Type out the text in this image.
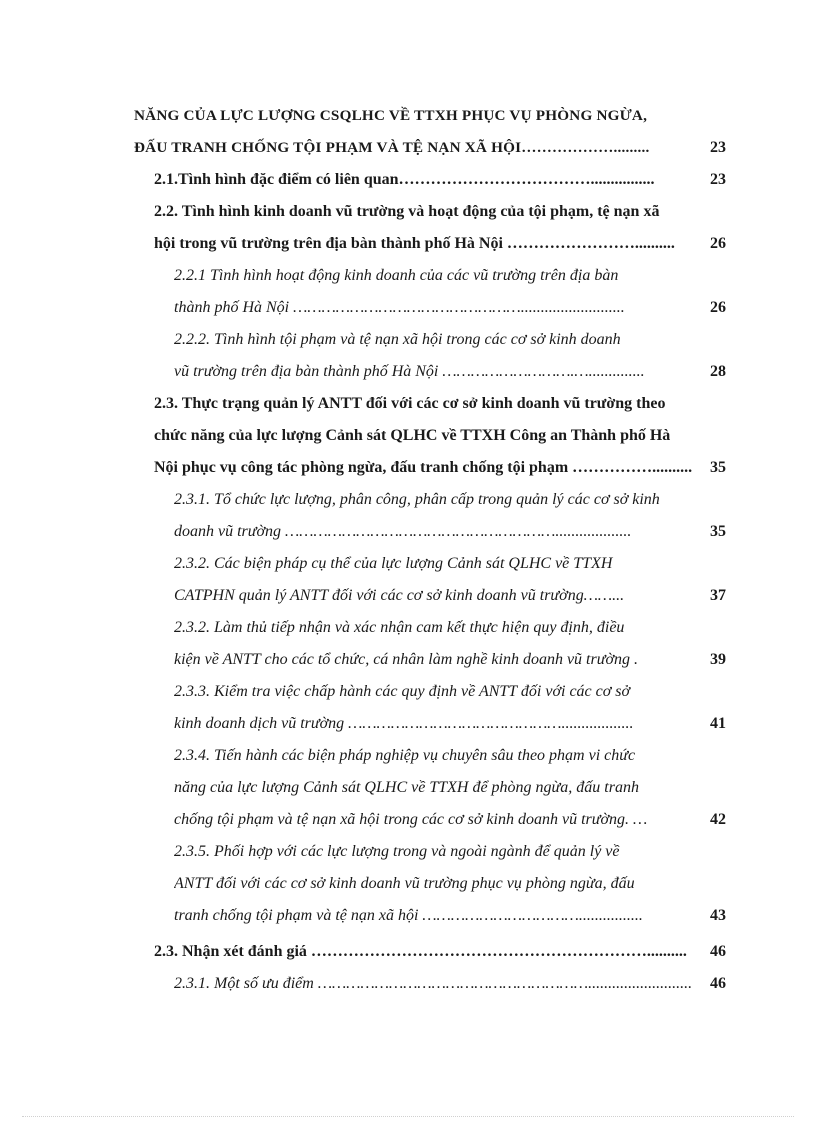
NĂNG CỦA LỰC LƯỢNG CSQLHC VỀ TTXH PHỤC VỤ PHÒNG NGỪA,
ĐẤU TRANH CHỐNG TỘI PHẠM VÀ TỆ NẠN XÃ HỘI……………….........	23
2.1.Tình hình đặc điểm có liên quan………………………………................	23
2.2. Tình hình kinh doanh vũ trường và hoạt động của tội phạm, tệ nạn xã
hội trong vũ trường trên địa bàn thành phố Hà Nội ……………………..........	26
2.2.1 Tình hình hoạt động kinh doanh của các vũ trường trên địa bàn
thành phố Hà Nội …………………………………………..........................	26
2.2.2. Tình hình tội phạm và tệ nạn xã hội trong các cơ sở kinh doanh
vũ trường trên địa bàn thành phố Hà Nội ……………………….…..............	28
2.3. Thực trạng quản lý ANTT đối với các cơ sở kinh doanh vũ trường theo
chức năng của lực lượng Cảnh sát QLHC về TTXH Công an Thành phố Hà
Nội phục vụ công tác phòng ngừa, đấu tranh chống tội phạm ……………..........	35
2.3.1. Tổ chức lực lượng, phân công, phân cấp trong quản lý các cơ sở kinh
doanh vũ trường …………………………………………………...................	35
2.3.2. Các biện pháp cụ thể của lực lượng Cảnh sát QLHC về TTXH
CATPHN quản lý ANTT đối với các cơ sở kinh doanh vũ trường……...	37
2.3.2. Làm thủ tiếp nhận và xác nhận cam kết thực hiện quy định, điều
kiện về ANTT cho các tổ chức, cá nhân làm nghề kinh doanh vũ trường .	39
2.3.3. Kiểm tra việc chấp hành các quy định về ANTT đối với các cơ sở
kinh doanh dịch vũ trường ………………………………………..................	41
2.3.4. Tiến hành các biện pháp nghiệp vụ chuyên sâu theo phạm vi chức
năng của lực lượng Cảnh sát QLHC về TTXH để phòng ngừa, đấu tranh
chống tội phạm và tệ nạn xã hội trong các cơ sở kinh doanh vũ trường. …	42
2.3.5. Phối hợp với các lực lượng trong và ngoài ngành để quản lý về
ANTT đối với các cơ sở kinh doanh vũ trường phục vụ phòng ngừa, đấu
tranh chống tội phạm và tệ nạn xã hội ……………………………................	43
2.3. Nhận xét đánh giá ………………………………………………………..........	46
2.3.1. Một số ưu điểm …………………………………………………..........................	46
